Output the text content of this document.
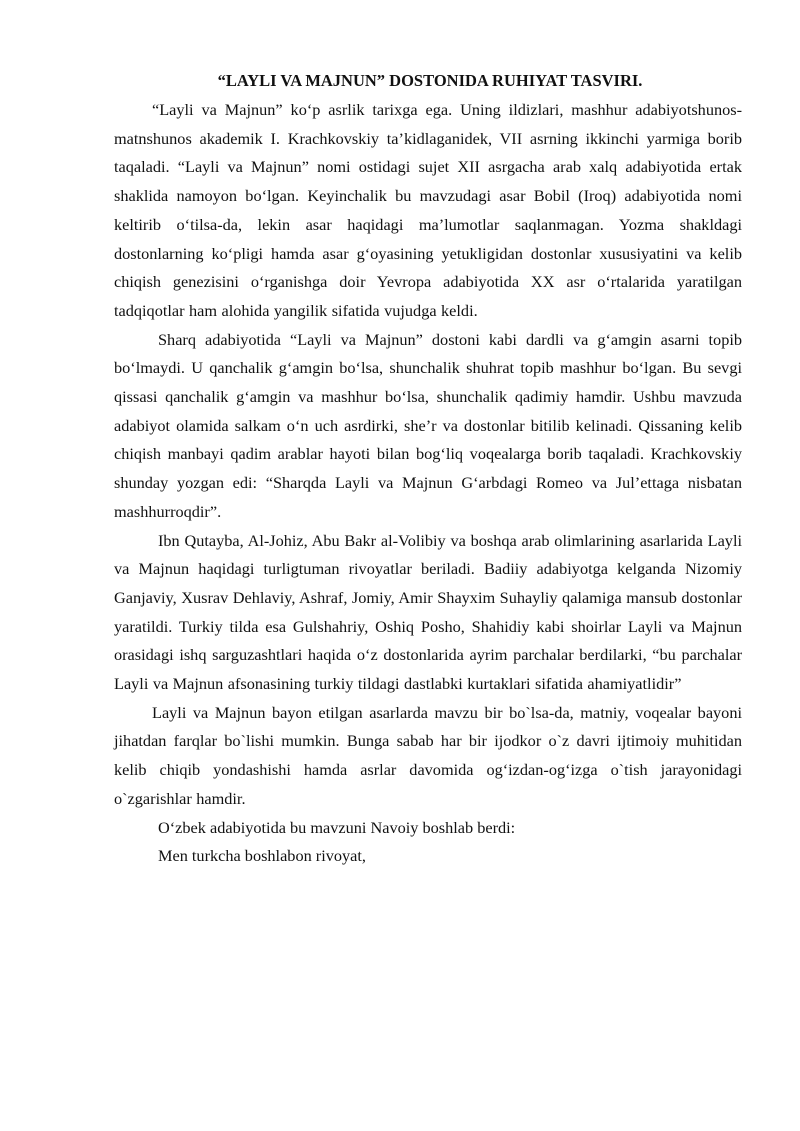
“LAYLI VA MAJNUN” DOSTONIDA RUHIYAT TASVIRI.

“Layli va Majnun” ko‘p asrlik tarixga ega. Uning ildizlari, mashhur adabiyotshunos-matnshunos akademik I. Krachkovskiy ta’kidlaganidek, VII asrning ikkinchi yarmiga borib taqaladi. “Layli va Majnun” nomi ostidagi sujet XII asrgacha arab xalq adabiyotida ertak shaklida namoyon bo‘lgan. Keyinchalik bu mavzudagi asar Bobil (Iroq) adabiyotida nomi keltirib o‘tilsa-da, lekin asar haqidagi ma’lumotlar saqlanmagan. Yozma shakldagi dostonlarning ko‘pligi hamda asar g‘oyasining yetukligidan dostonlar xususiyatini va kelib chiqish genezisini o‘rganishga doir Yevropa adabiyotida XX asr o‘rtalarida yaratilgan tadqiqotlar ham alohida yangilik sifatida vujudga keldi.

Sharq adabiyotida “Layli va Majnun” dostoni kabi dardli va g‘amgin asarni topib bo‘lmaydi. U qanchalik g‘amgin bo‘lsa, shunchalik shuhrat topib mashhur bo‘lgan. Bu sevgi qissasi qanchalik g‘amgin va mashhur bo‘lsa, shunchalik qadimiy hamdir. Ushbu mavzuda adabiyot olamida salkam o‘n uch asrdirki, she’r va dostonlar bitilib kelinadi. Qissaning kelib chiqish manbayi qadim arablar hayoti bilan bog‘liq voqealarga borib taqaladi. Krachkovskiy shunday yozgan edi: “Sharqda Layli va Majnun G‘arbdagi Romeo va Jul’ettaga nisbatan mashhurroqdir”.

Ibn Qutayba, Al-Johiz, Abu Bakr al-Volibiy va boshqa arab olimlarining asarlarida Layli va Majnun haqidagi turligtuman rivoyatlar beriladi. Badiiy adabiyotga kelganda Nizomiy Ganjaviy, Xusrav Dehlaviy, Ashraf, Jomiy, Amir Shayxim Suhayliy qalamiga mansub dostonlar yaratildi. Turkiy tilda esa Gulshahriy, Oshiq Posho, Shahidiy kabi shoirlar Layli va Majnun orasidagi ishq sarguzashtlari haqida o‘z dostonlarida ayrim parchalar berdilarki, “bu parchalar Layli va Majnun afsonasining turkiy tildagi dastlabki kurtaklari sifatida ahamiyatlidir”

Layli va Majnun bayon etilgan asarlarda mavzu bir bo`lsa-da, matniy, voqealar bayoni jihatdan farqlar bo`lishi mumkin. Bunga sabab har bir ijodkor o`z davri ijtimoiy muhitidan kelib chiqib yondashishi hamda asrlar davomida og‘izdan-og‘izga o`tish jarayonidagi o`zgarishlar hamdir.

O‘zbek adabiyotida bu mavzuni Navoiy boshlab berdi:

Men turkcha boshlabon rivoyat,
